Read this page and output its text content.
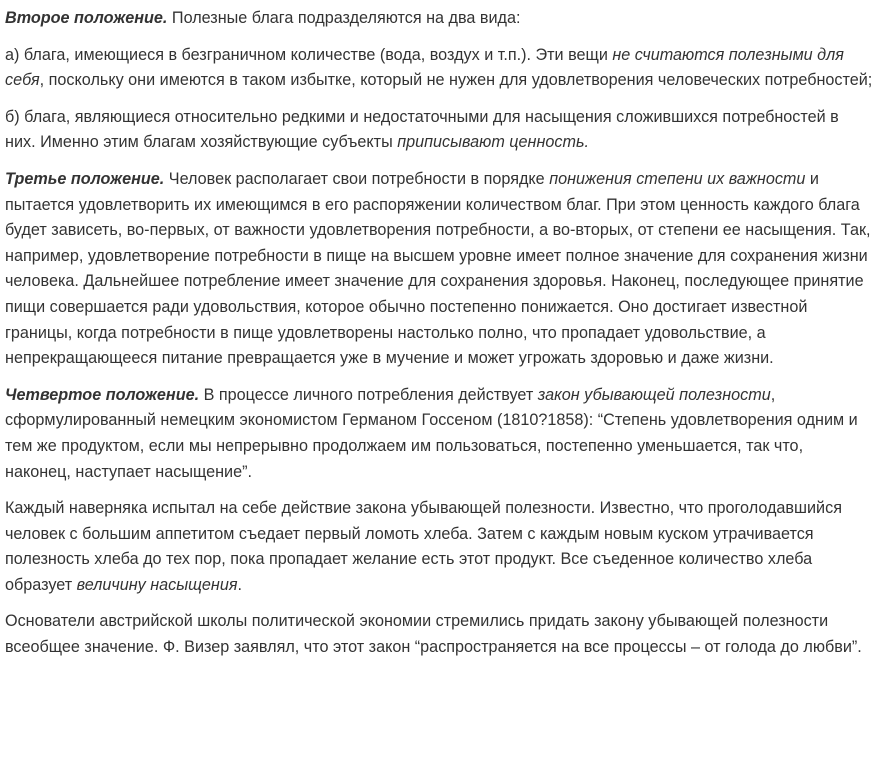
Второе положение. Полезные блага подразделяются на два вида:

а) блага, имеющиеся в безграничном количестве (вода, воздух и т.п.). Эти вещи не считаются полезными для себя, поскольку они имеются в таком избытке, который не нужен для удовлетворения человеческих потребностей;

б) блага, являющиеся относительно редкими и недостаточными для насыщения сложившихся потребностей в них. Именно этим благам хозяйствующие субъекты приписывают ценность.

Третье положение. Человек располагает свои потребности в порядке понижения степени их важности и пытается удовлетворить их имеющимся в его распоряжении количеством благ. При этом ценность каждого блага будет зависеть, во-первых, от важности удовлетворения потребности, а во-вторых, от степени ее насыщения. Так, например, удовлетворение потребности в пище на высшем уровне имеет полное значение для сохранения жизни человека. Дальнейшее потребление имеет значение для сохранения здоровья. Наконец, последующее принятие пищи совершается ради удовольствия, которое обычно постепенно понижается. Оно достигает известной границы, когда потребности в пище удовлетворены настолько полно, что пропадает удовольствие, а непрекращающееся питание превращается уже в мучение и может угрожать здоровью и даже жизни.

Четвертое положение. В процессе личного потребления действует закон убывающей полезности, сформулированный немецким экономистом Германом Госсеном (1810?1858): “Степень удовлетворения одним и тем же продуктом, если мы непрерывно продолжаем им пользоваться, постепенно уменьшается, так что, наконец, наступает насыщение”.

Каждый наверняка испытал на себе действие закона убывающей полезности. Известно, что проголодавшийся человек с большим аппетитом съедает первый ломоть хлеба. Затем с каждым новым куском утрачивается полезность хлеба до тех пор, пока пропадает желание есть этот продукт. Все съеденное количество хлеба образует величину насыщения.

Основатели австрийской школы политической экономии стремились придать закону убывающей полезности всеобщее значение. Ф. Визер заявлял, что этот закон “распространяется на все процессы – от голода до любви”.
